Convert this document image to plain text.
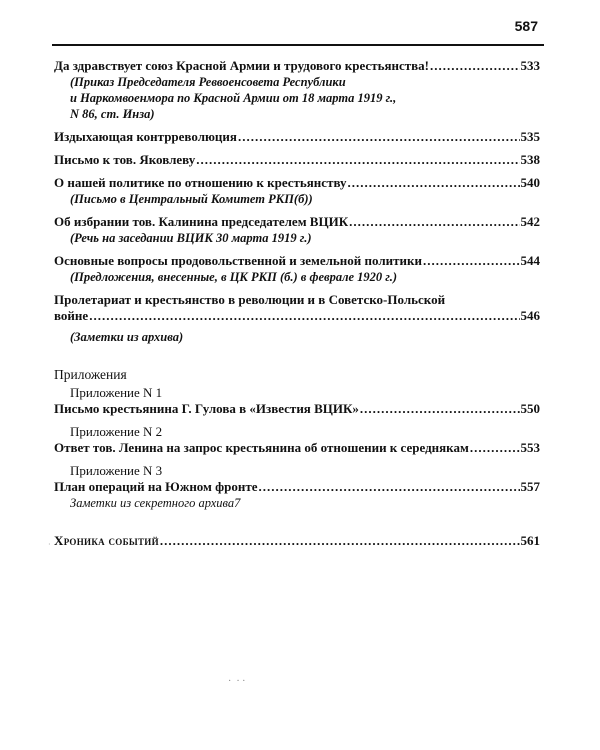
587
Да здравствует союз Красной Армии и трудового крестьянства! .....	533
(Приказ Председателя Реввоенсовета Республики
и Наркомвоенмора по Красной Армии от 18 марта 1919 г.,
N 86, ст. Инза)
Издыхающая контрреволюция .....	535
Письмо к тов. Яковлеву .....	538
О нашей политике по отношению к крестьянству .....	540
(Письмо в Центральный Комитет РКП(б))
Об избрании тов. Калинина председателем ВЦИК .....	542
(Речь на заседании ВЦИК 30 марта 1919 г.)
Основные вопросы продовольственной и земельной политики .....	544
(Предложения, внесенные, в ЦК РКП (б.) в феврале 1920 г.)
Пролетариат и крестьянство в революции и в Советско-Польской
войне .....	546
(Заметки из архива)
Приложения
Приложение N 1
Письмо крестьянина Г. Гулова в «Известия ВЦИК» .....	550
Приложение N 2
Ответ тов. Ленина на запрос крестьянина об отношении к середнякам .....	553
Приложение N 3
План операций на Южном фронте .....	557
Заметки из секретного архива7
Хроника событий .....	561
·
·  · ·
